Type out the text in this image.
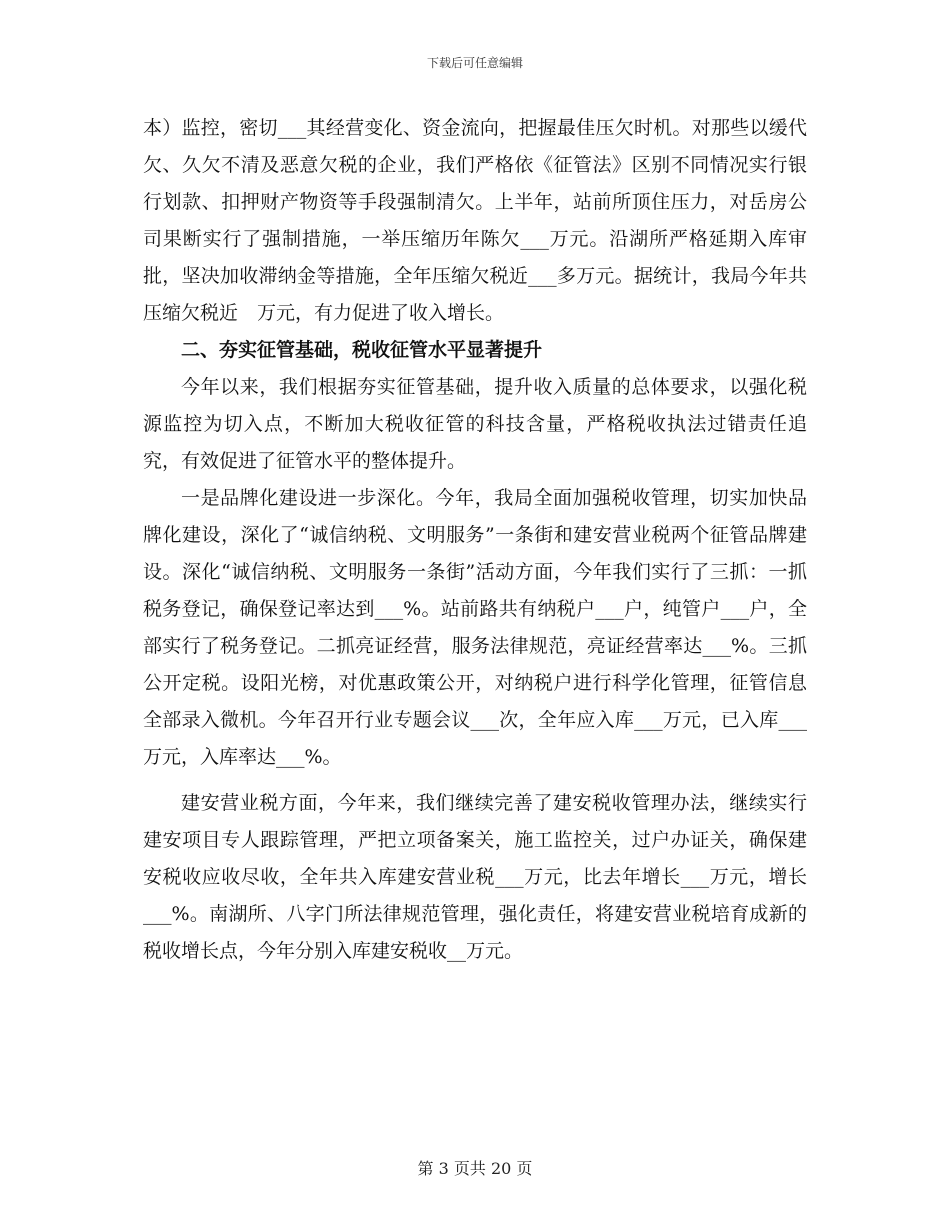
下载后可任意编辑

本）监控，密切___其经营变化、资金流向，把握最佳压欠时机。对那些以缓代欠、久欠不清及恶意欠税的企业，我们严格依《征管法》区别不同情况实行银行划款、扣押财产物资等手段强制清欠。上半年，站前所顶住压力，对岳房公司果断实行了强制措施，一举压缩历年陈欠___万元。沿湖所严格延期入库审批，坚决加收滞纳金等措施，全年压缩欠税近___多万元。据统计，我局今年共压缩欠税近　万元，有力促进了收入增长。

二、夯实征管基础，税收征管水平显著提升

今年以来，我们根据夯实征管基础，提升收入质量的总体要求，以强化税源监控为切入点，不断加大税收征管的科技含量，严格税收执法过错责任追究，有效促进了征管水平的整体提升。

一是品牌化建设进一步深化。今年，我局全面加强税收管理，切实加快品牌化建设，深化了“诚信纳税、文明服务”一条街和建安营业税两个征管品牌建设。深化“诚信纳税、文明服务一条街”活动方面，今年我们实行了三抓：一抓税务登记，确保登记率达到___%。站前路共有纳税户___户，纯管户___户，全部实行了税务登记。二抓亮证经营，服务法律规范，亮证经营率达___%。三抓公开定税。设阳光榜，对优惠政策公开，对纳税户进行科学化管理，征管信息全部录入微机。今年召开行业专题会议___次，全年应入库___万元，已入库___万元，入库率达___%。

建安营业税方面，今年来，我们继续完善了建安税收管理办法，继续实行建安项目专人跟踪管理，严把立项备案关，施工监控关，过户办证关，确保建安税收应收尽收，全年共入库建安营业税___万元，比去年增长___万元，增长___%。南湖所、八字门所法律规范管理，强化责任，将建安营业税培育成新的税收增长点，今年分别入库建安税收__万元。

第 3 页共 20 页
